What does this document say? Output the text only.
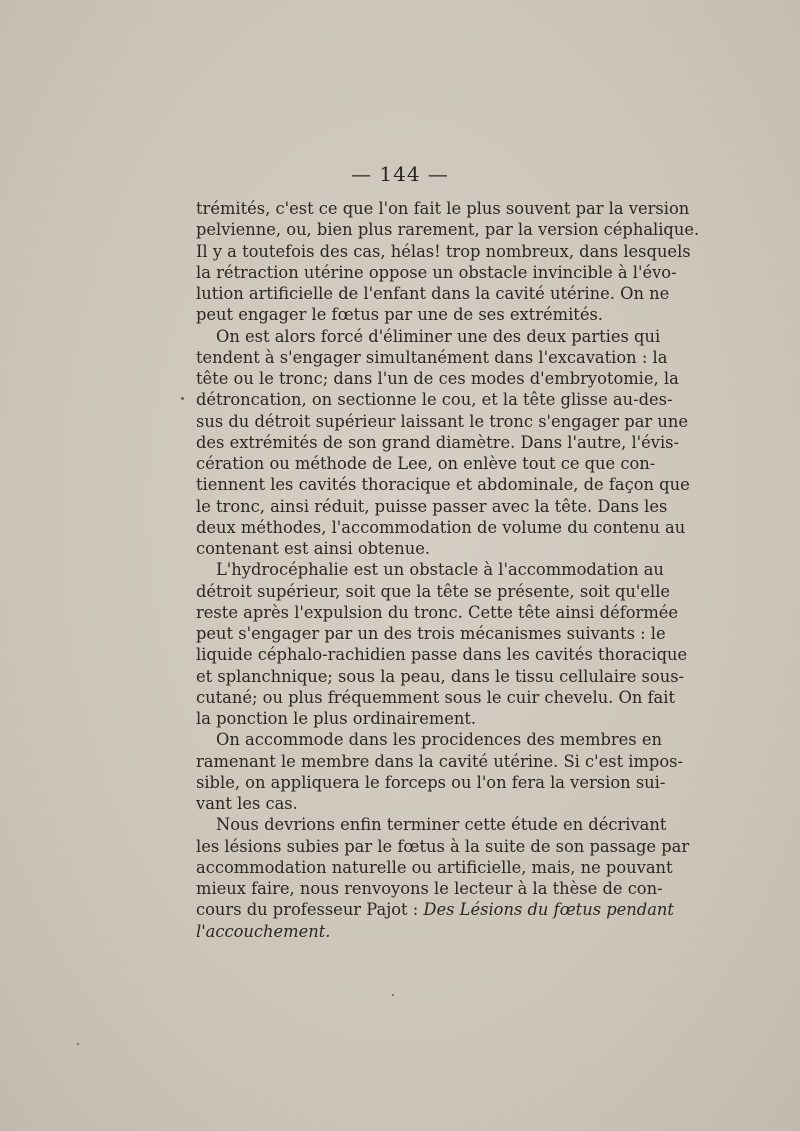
— 144 —
trémités, c'est ce que l'on fait le plus souvent par la version
pelvienne, ou, bien plus rarement, par la version céphalique.
Il y a toutefois des cas, hélas! trop nombreux, dans lesquels
la rétraction utérine oppose un obstacle invincible à l'évo-
lution artificielle de l'enfant dans la cavité utérine. On ne
peut engager le fœtus par une de ses extrémités.
On est alors forcé d'éliminer une des deux parties qui
tendent à s'engager simultanément dans l'excavation : la
tête ou le tronc; dans l'un de ces modes d'embryotomie, la
détroncation, on sectionne le cou, et la tête glisse au-des-
sus du détroit supérieur laissant le tronc s'engager par une
des extrémités de son grand diamètre. Dans l'autre, l'évis-
cération ou méthode de Lee, on enlève tout ce que con-
tiennent les cavités thoracique et abdominale, de façon que
le tronc, ainsi réduit, puisse passer avec la tête. Dans les
deux méthodes, l'accommodation de volume du contenu au
contenant est ainsi obtenue.
L'hydrocéphalie est un obstacle à l'accommodation au
détroit supérieur, soit que la tête se présente, soit qu'elle
reste après l'expulsion du tronc. Cette tête ainsi déformée
peut s'engager par un des trois mécanismes suivants : le
liquide céphalo-rachidien passe dans les cavités thoracique
et splanchnique; sous la peau, dans le tissu cellulaire sous-
cutané; ou plus fréquemment sous le cuir chevelu. On fait
la ponction le plus ordinairement.
On accommode dans les procidences des membres en
ramenant le membre dans la cavité utérine. Si c'est impos-
sible, on appliquera le forceps ou l'on fera la version sui-
vant les cas.
Nous devrions enfin terminer cette étude en décrivant
les lésions subies par le fœtus à la suite de son passage par
accommodation naturelle ou artificielle, mais, ne pouvant
mieux faire, nous renvoyons le lecteur à la thèse de con-
cours du professeur Pajot : Des Lésions du fœtus pendant
l'accouchement.
